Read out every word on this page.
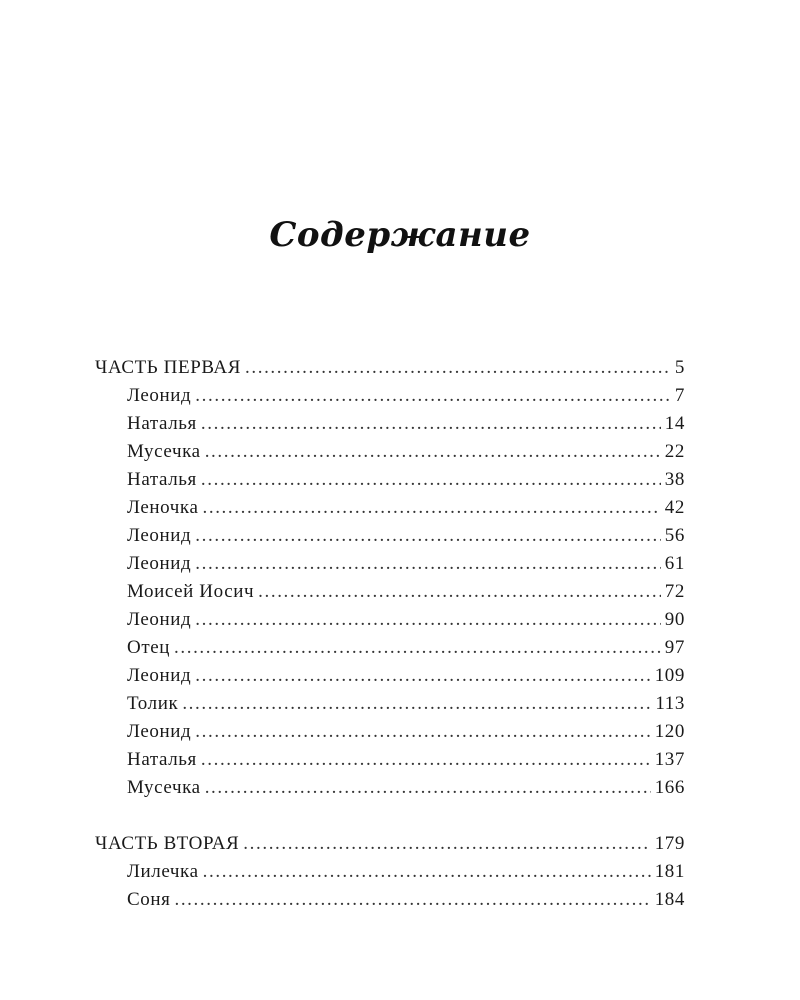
Содержание
ЧАСТЬ ПЕРВАЯ .....	5
Леонид .....	7
Наталья .....	14
Мусечка .....	22
Наталья .....	38
Леночка .....	42
Леонид .....	56
Леонид .....	61
Моисей Иосич .....	72
Леонид .....	90
Отец .....	97
Леонид .....	109
Толик .....	113
Леонид .....	120
Наталья .....	137
Мусечка .....	166
ЧАСТЬ ВТОРАЯ .....	179
Лилечка .....	181
Соня .....	184
